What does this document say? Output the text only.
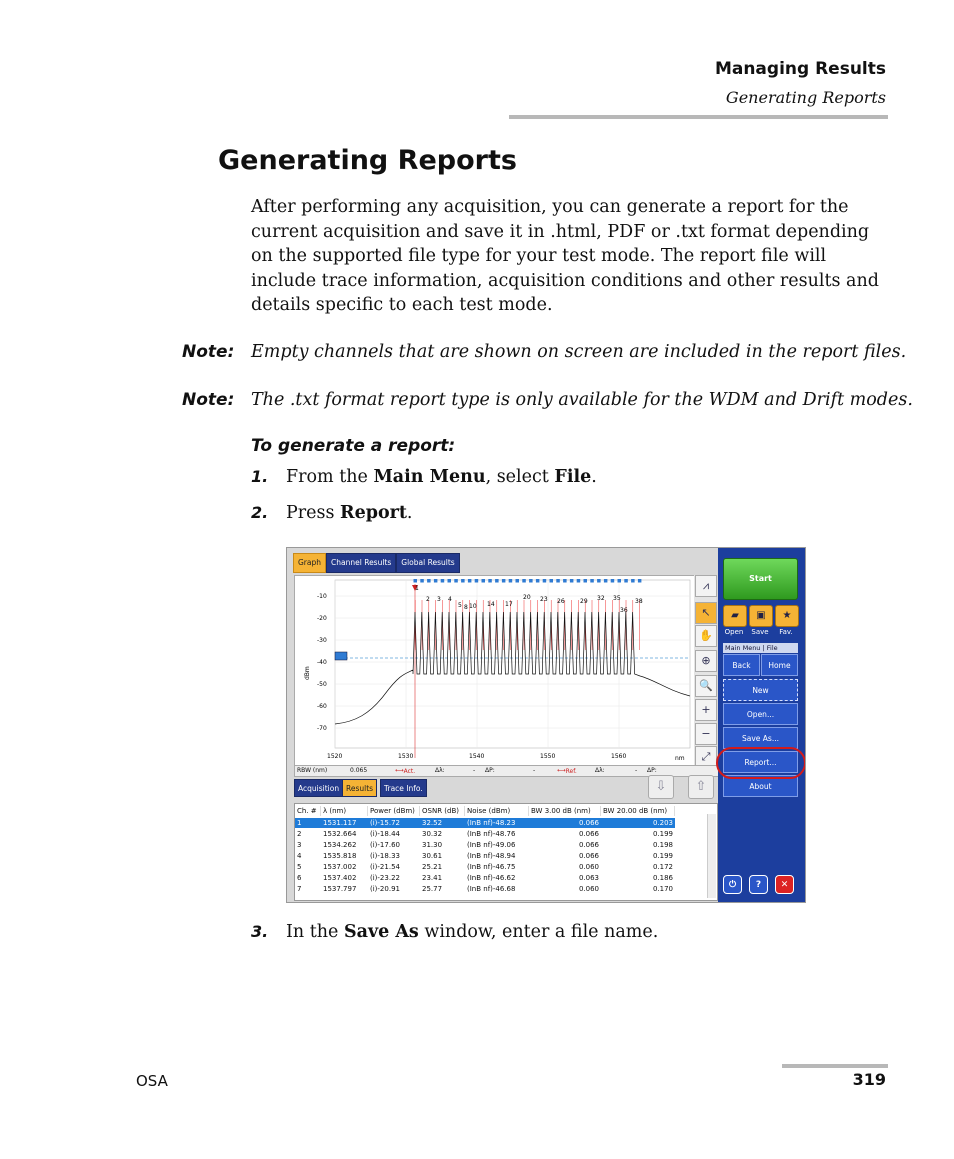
Managing Results
Generating Reports
Generating Reports
After performing any acquisition, you can generate a report for the current acquisition and save it in .html, PDF or .txt format depending on the supported file type for your test mode. The report file will include trace information, acquisition conditions and other results and details specific to each test mode.
Note: Empty channels that are shown on screen are included in the report files.
Note: The .txt format report type is only available for the WDM and Drift modes.
To generate a report:
1. From the Main Menu, select File.
2. Press Report.
Graph	Channel Results	Global Results
-10
-20
-30
-40
-50
-60
-70
1520	1530	1540	1550	1560
dBm
nm
1
2 3 4
5 8 10 14 17
20 23 26	29 32 35
36
38
⩘
↖
✋
⊕
🔍
+
−
⤢
RBW (nm)	0.065	⟷ Act.	Δλ:	- ΔP:	-	⟷ Ref.	Δλ:	- ΔP:
Acquisition Results	Trace Info.	⇩	⇧
Ch. # λ (nm)	Power (dBm)	OSNR (dB)	Noise (dBm)	BW 3.00 dB (nm)	BW 20.00 dB (nm)
1	1531.117	(i)-15.72	32.52	(InB nf)-48.23	0.066	0.203
2	1532.664	(i)-18.44	30.32	(InB nf)-48.76	0.066	0.199
3	1534.262	(i)-17.60	31.30	(InB nf)-49.06	0.066	0.198
4	1535.818	(i)-18.33	30.61	(InB nf)-48.94	0.066	0.199
5	1537.002	(i)-21.54	25.21	(InB nf)-46.75	0.060	0.172
6	1537.402	(i)-23.22	23.41	(InB nf)-46.62	0.063	0.186
7	1537.797	(i)-20.91	25.77	(InB nf)-46.68	0.060	0.170
Start
▰	▣	★
Open	Save	Fav.
Main Menu | File
Back	Home
New
Open...
Save As...
Report...
About
⏻	?	✕
3. In the Save As window, enter a file name.
OSA	319
